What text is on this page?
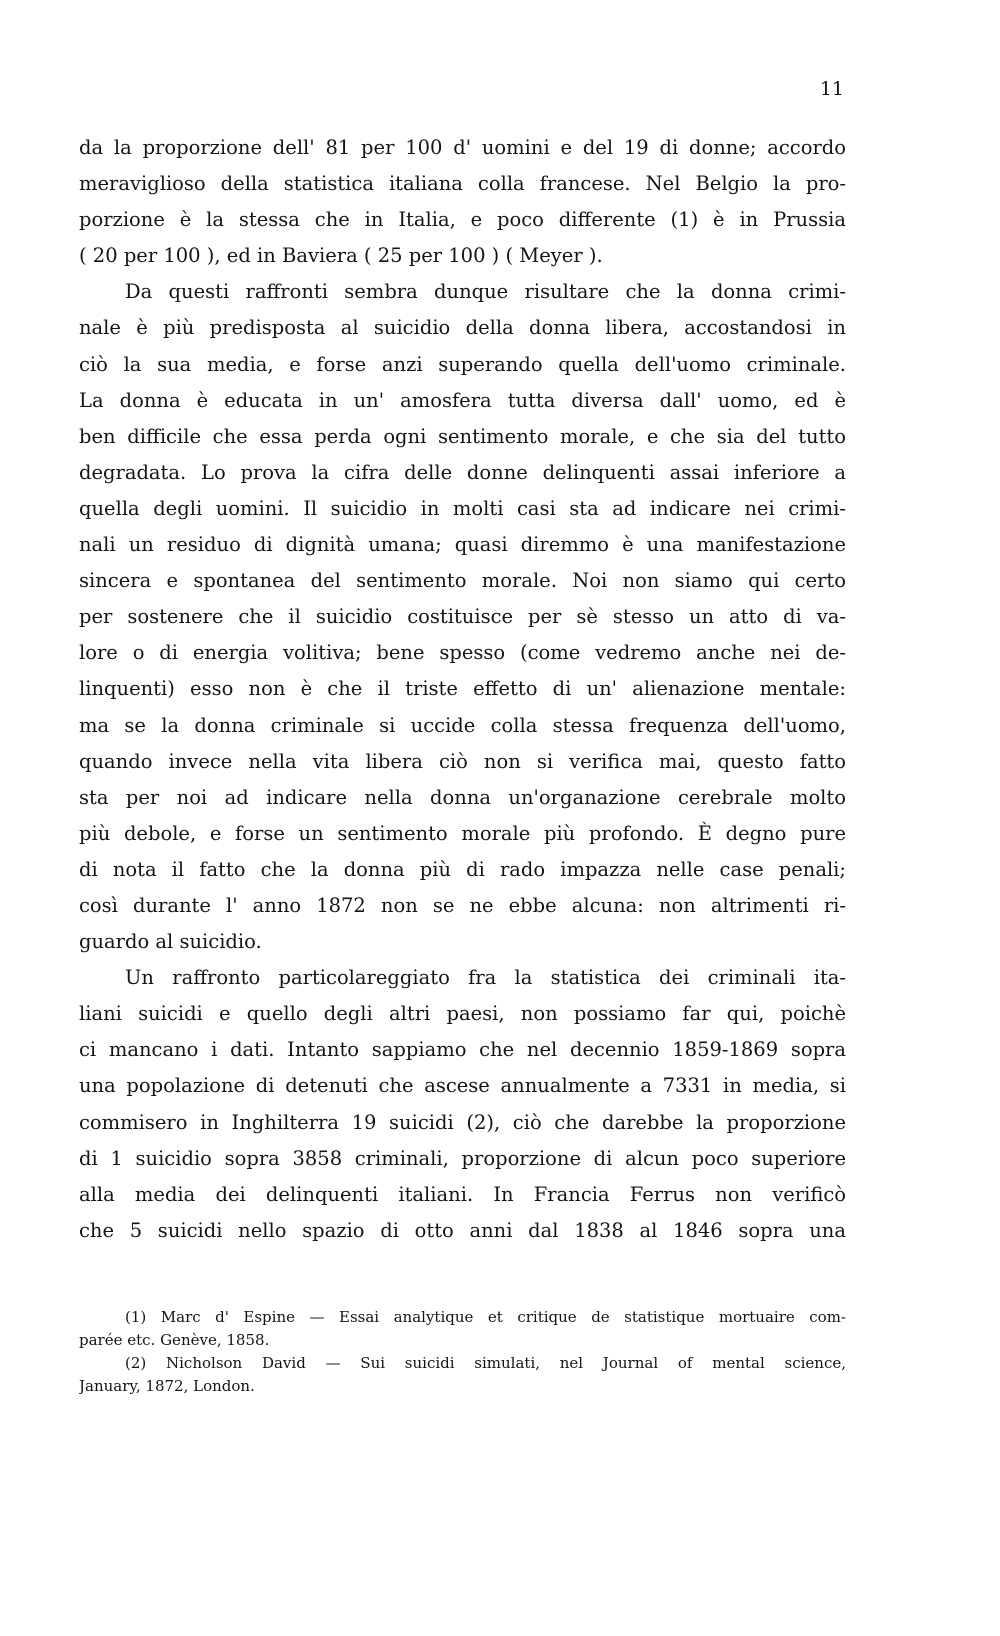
11
da la proporzione dell' 81 per 100 d' uomini e del 19 di donne; accordo
meraviglioso della statistica italiana colla francese. Nel Belgio la pro-
porzione è la stessa che in Italia, e poco differente (1) è in Prussia
( 20 per 100 ), ed in Baviera ( 25 per 100 ) ( Meyer ).
Da questi raffronti sembra dunque risultare che la donna crimi-
nale è più predisposta al suicidio della donna libera, accostandosi in
ciò la sua media, e forse anzi superando quella dell'uomo criminale.
La donna è educata in un' amosfera tutta diversa dall' uomo, ed è
ben difficile che essa perda ogni sentimento morale, e che sia del tutto
degradata. Lo prova la cifra delle donne delinquenti assai inferiore a
quella degli uomini. Il suicidio in molti casi sta ad indicare nei crimi-
nali un residuo di dignità umana; quasi diremmo è una manifestazione
sincera e spontanea del sentimento morale. Noi non siamo qui certo
per sostenere che il suicidio costituisce per sè stesso un atto di va-
lore o di energia volitiva; bene spesso (come vedremo anche nei de-
linquenti) esso non è che il triste effetto di un' alienazione mentale:
ma se la donna criminale si uccide colla stessa frequenza dell'uomo,
quando invece nella vita libera ciò non si verifica mai, questo fatto
sta per noi ad indicare nella donna un'organazione cerebrale molto
più debole, e forse un sentimento morale più profondo. È degno pure
di nota il fatto che la donna più di rado impazza nelle case penali;
così durante l' anno 1872 non se ne ebbe alcuna: non altrimenti ri-
guardo al suicidio.
Un raffronto particolareggiato fra la statistica dei criminali ita-
liani suicidi e quello degli altri paesi, non possiamo far qui, poichè
ci mancano i dati. Intanto sappiamo che nel decennio 1859-1869 sopra
una popolazione di detenuti che ascese annualmente a 7331 in media, si
commisero in Inghilterra 19 suicidi (2), ciò che darebbe la proporzione
di 1 suicidio sopra 3858 criminali, proporzione di alcun poco superiore
alla media dei delinquenti italiani. In Francia Ferrus non verificò
che 5 suicidi nello spazio di otto anni dal 1838 al 1846 sopra una
(1) Marc d' Espine — Essai analytique et critique de statistique mortuaire com-
parée etc. Genève, 1858.
(2) Nicholson David — Sui suicidi simulati, nel Journal of mental science,
January, 1872, London.
